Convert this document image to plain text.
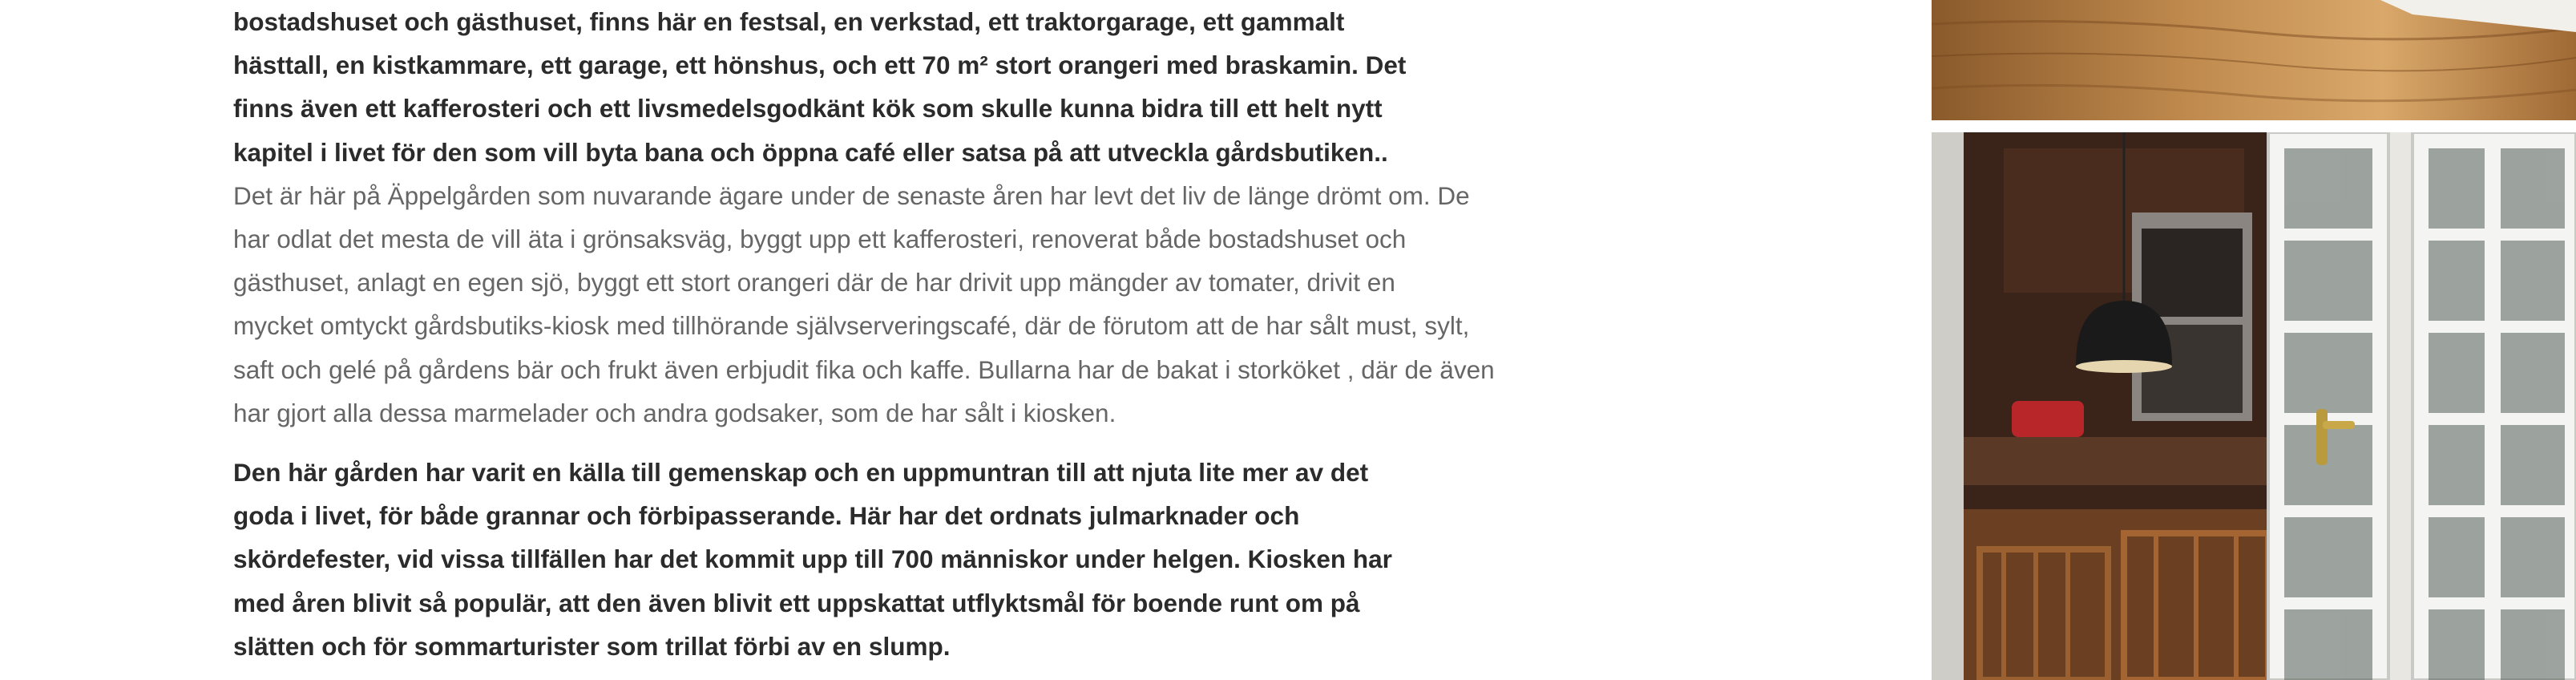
bostadshuset och gästhuset, finns här en festsal, en verkstad, ett traktorgarage, ett gammalt
hästtall, en kistkammare, ett garage, ett hönshus, och ett 70 m² stort orangeri med braskamin. Det
finns även ett kafferosteri och ett livsmedelsgodkänt kök som skulle kunna bidra till ett helt nytt
kapitel i livet för den som vill byta bana och öppna café eller satsa på att utveckla gårdsbutiken..

Det är här på Äppelgården som nuvarande ägare under de senaste åren har levt det liv de länge drömt om. De
har odlat det mesta de vill äta i grönsaksväg, byggt upp ett kafferosteri, renoverat både bostadshuset och
gästhuset, anlagt en egen sjö, byggt ett stort orangeri där de har drivit upp mängder av tomater, drivit en
mycket omtyckt gårdsbutiks-kiosk med tillhörande självserveringscafé, där de förutom att de har sålt must, sylt,
saft och gelé på gårdens bär och frukt även erbjudit fika och kaffe. Bullarna har de bakat i storköket , där de även
har gjort alla dessa marmelader och andra godsaker, som de har sålt i kiosken.

Den här gården har varit en källa till gemenskap och en uppmuntran till att njuta lite mer av det
goda i livet, för både grannar och förbipasserande. Här har det ordnats julmarknader och
skördefester, vid vissa tillfällen har det kommit upp till 700 människor under helgen. Kiosken har
med åren blivit så populär, att den även blivit ett uppskattat utflyktsmål för boende runt om på
slätten och för sommarturister som trillat förbi av en slump.
